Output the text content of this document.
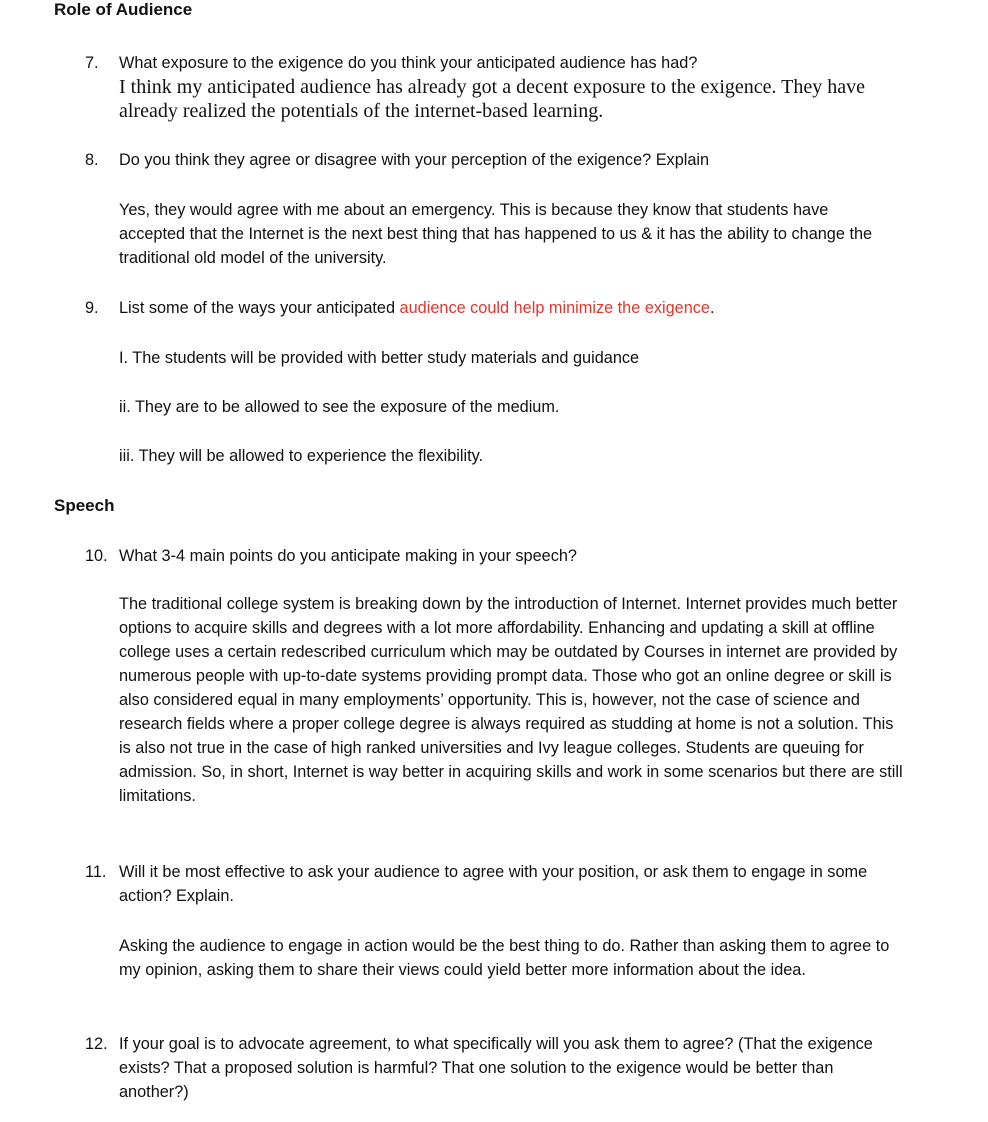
Role of Audience
7.	What exposure to the exigence do you think your anticipated audience has had?
I think my anticipated audience has already got a decent exposure to the exigence. They have already realized the potentials of the internet-based learning.
8.	Do you think they agree or disagree with your perception of the exigence? Explain
Yes, they would agree with me about an emergency. This is because they know that students have accepted that the Internet is the next best thing that has happened to us & it has the ability to change the traditional old model of the university.
9.	List some of the ways your anticipated audience could help minimize the exigence.
I. The students will be provided with better study materials and guidance
ii. They are to be allowed to see the exposure of the medium.
iii. They will be allowed to experience the flexibility.
Speech
10. What 3-4 main points do you anticipate making in your speech?
The traditional college system is breaking down by the introduction of Internet. Internet provides much better options to acquire skills and degrees with a lot more affordability. Enhancing and updating a skill at offline college uses a certain redescribed curriculum which may be outdated by Courses in internet are provided by numerous people with up-to-date systems providing prompt data. Those who got an online degree or skill is also considered equal in many employments’ opportunity. This is, however, not the case of science and research fields where a proper college degree is always required as studding at home is not a solution. This is also not true in the case of high ranked universities and Ivy league colleges. Students are queuing for admission. So, in short, Internet is way better in acquiring skills and work in some scenarios but there are still limitations.
11. Will it be most effective to ask your audience to agree with your position, or ask them to engage in some action? Explain.
Asking the audience to engage in action would be the best thing to do. Rather than asking them to agree to my opinion, asking them to share their views could yield better more information about the idea.
12. If your goal is to advocate agreement, to what specifically will you ask them to agree? (That the exigence exists? That a proposed solution is harmful? That one solution to the exigence would be better than another?)
